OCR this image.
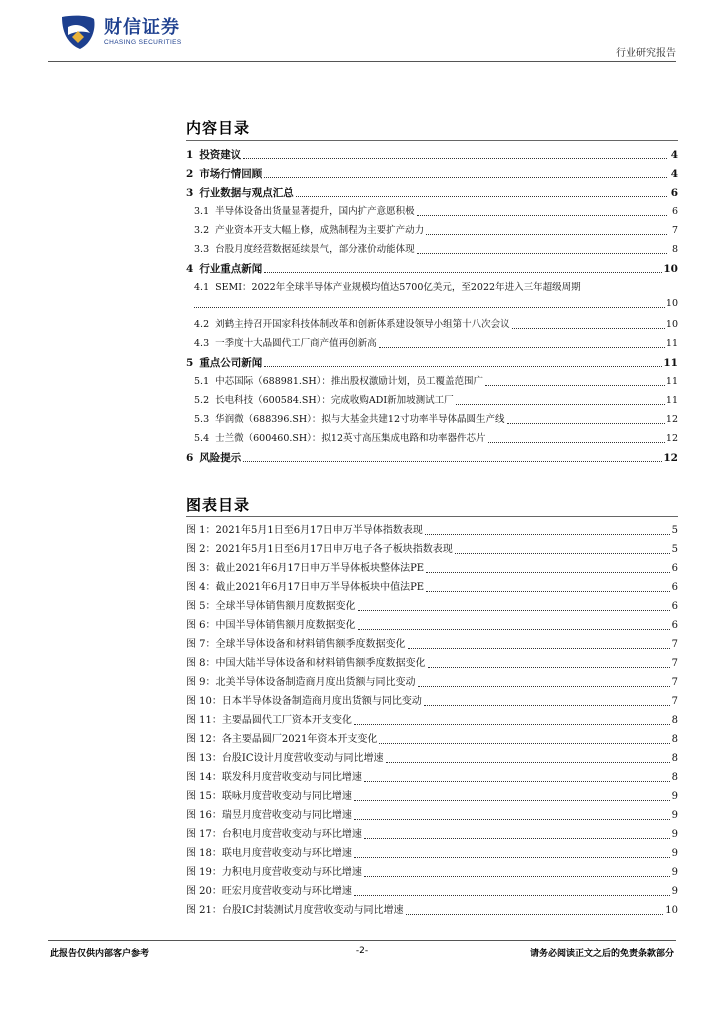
财信证券
CHASING SECURITIES
行业研究报告
内容目录
1 投资建议	4
2 市场行情回顾	4
3 行业数据与观点汇总	6
3.1 半导体设备出货量显著提升，国内扩产意愿积极	6
3.2 产业资本开支大幅上修，成熟制程为主要扩产动力	7
3.3 台股月度经营数据延续景气，部分涨价动能体现	8
4 行业重点新闻	10
4.1 SEMI：2022年全球半导体产业规模均值达5700亿美元，至2022年进入三年超级周期
10
4.2 刘鹤主持召开国家科技体制改革和创新体系建设领导小组第十八次会议	10
4.3 一季度十大晶圆代工厂商产值再创新高	11
5 重点公司新闻	11
5.1 中芯国际（688981.SH）：推出股权激励计划，员工覆盖范围广	11
5.2 长电科技（600584.SH）：完成收购ADI新加坡测试工厂	11
5.3 华润微（688396.SH）：拟与大基金共建12寸功率半导体晶圆生产线	12
5.4 士兰微（600460.SH）：拟12英寸高压集成电路和功率器件芯片	12
6 风险提示	12
图表目录
图 1： 2021年5月1日至6月17日申万半导体指数表现	5
图 2： 2021年5月1日至6月17日申万电子各子板块指数表现	5
图 3： 截止2021年6月17日申万半导体板块整体法PE	6
图 4： 截止2021年6月17日申万半导体板块中值法PE	6
图 5： 全球半导体销售额月度数据变化	6
图 6： 中国半导体销售额月度数据变化	6
图 7： 全球半导体设备和材料销售额季度数据变化	7
图 8： 中国大陆半导体设备和材料销售额季度数据变化	7
图 9： 北美半导体设备制造商月度出货额与同比变动	7
图 10： 日本半导体设备制造商月度出货额与同比变动	7
图 11： 主要晶圆代工厂资本开支变化	8
图 12： 各主要晶圆厂2021年资本开支变化	8
图 13： 台股IC设计月度营收变动与同比增速	8
图 14： 联发科月度营收变动与同比增速	8
图 15： 联咏月度营收变动与同比增速	9
图 16： 瑞昱月度营收变动与同比增速	9
图 17： 台积电月度营收变动与环比增速	9
图 18： 联电月度营收变动与环比增速	9
图 19： 力积电月度营收变动与环比增速	9
图 20： 旺宏月度营收变动与环比增速	9
图 21： 台股IC封装测试月度营收变动与同比增速	10
此报告仅供内部客户参考	-2-	请务必阅读正文之后的免责条款部分
